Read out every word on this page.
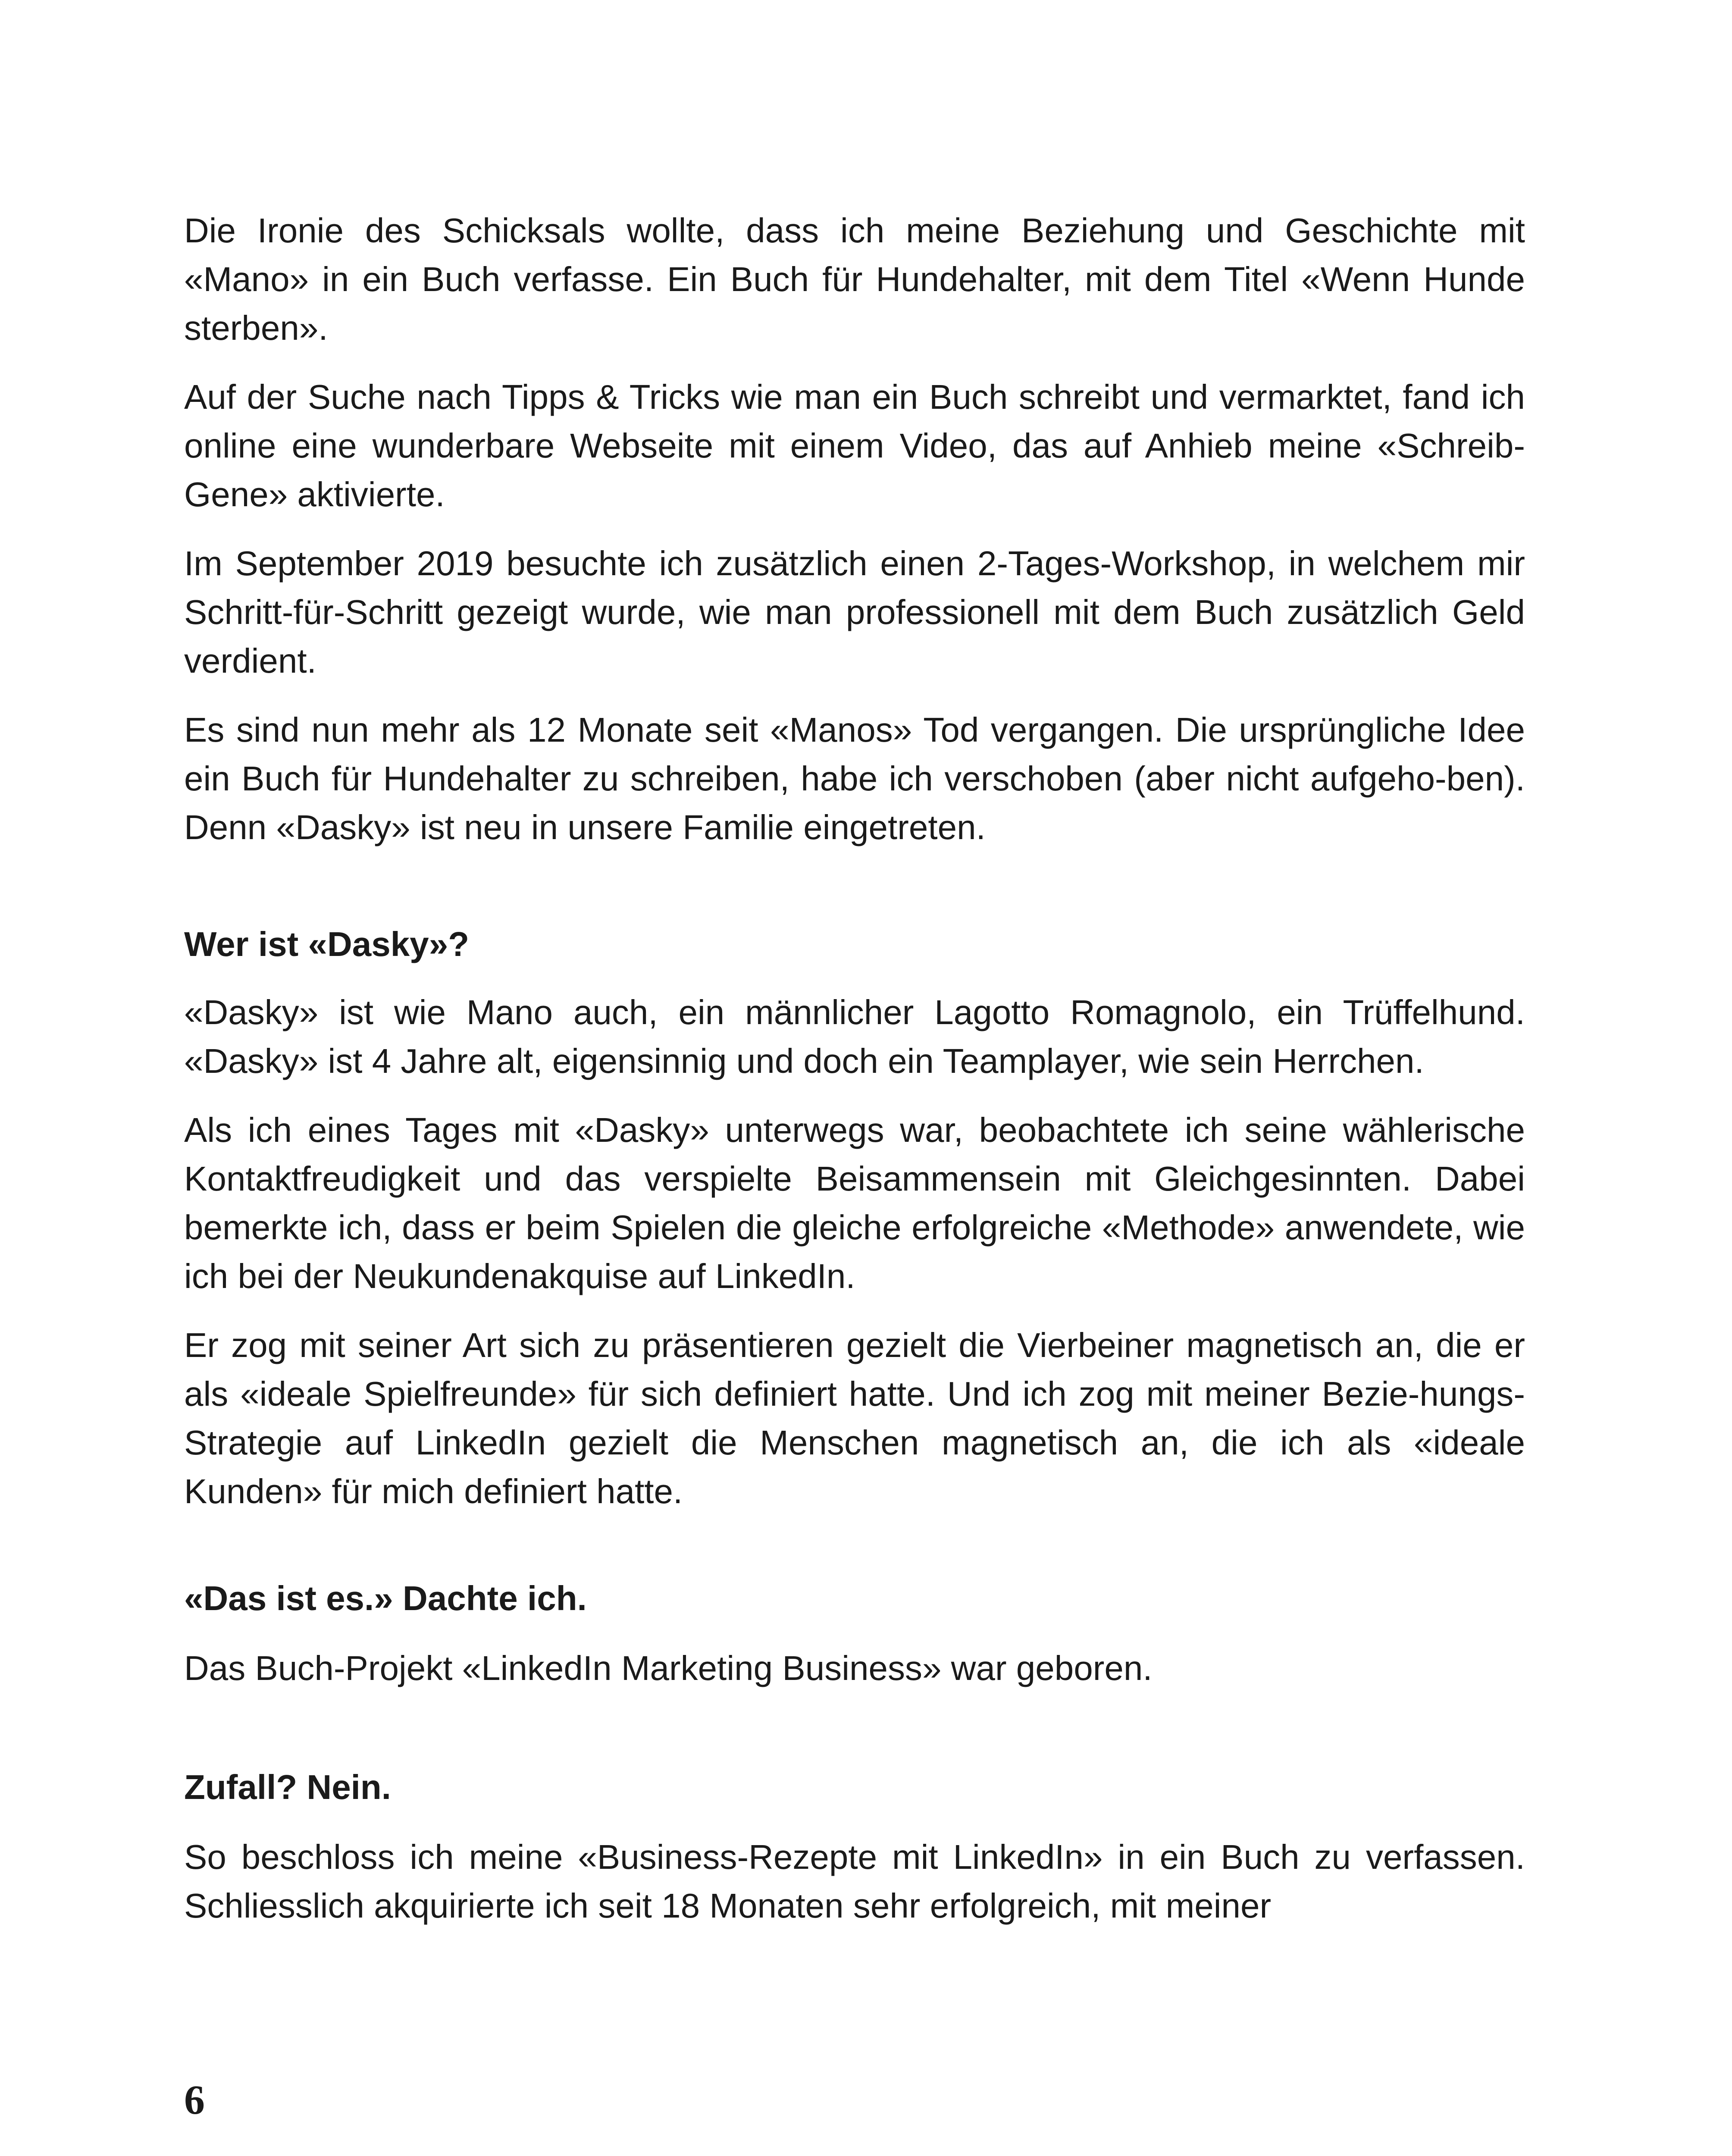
Die Ironie des Schicksals wollte, dass ich meine Beziehung und Geschichte mit «Mano» in ein Buch verfasse. Ein Buch für Hundehalter, mit dem Titel «Wenn Hunde sterben».

Auf der Suche nach Tipps & Tricks wie man ein Buch schreibt und vermarktet, fand ich online eine wunderbare Webseite mit einem Video, das auf Anhieb meine «Schreib-Gene» aktivierte.

Im September 2019 besuchte ich zusätzlich einen 2-Tages-Workshop, in welchem mir Schritt-für-Schritt gezeigt wurde, wie man professionell mit dem Buch zusätzlich Geld verdient.

Es sind nun mehr als 12 Monate seit «Manos» Tod vergangen. Die ursprüngliche Idee ein Buch für Hundehalter zu schreiben, habe ich verschoben (aber nicht aufgeho-ben). Denn «Dasky» ist neu in unsere Familie eingetreten.

Wer ist «Dasky»?

«Dasky» ist wie Mano auch, ein männlicher Lagotto Romagnolo, ein Trüffelhund. «Dasky» ist 4 Jahre alt, eigensinnig und doch ein Teamplayer, wie sein Herrchen.

Als ich eines Tages mit «Dasky» unterwegs war, beobachtete ich seine wählerische Kontaktfreudigkeit und das verspielte Beisammensein mit Gleichgesinnten. Dabei bemerkte ich, dass er beim Spielen die gleiche erfolgreiche «Methode» anwendete, wie ich bei der Neukundenakquise auf LinkedIn.

Er zog mit seiner Art sich zu präsentieren gezielt die Vierbeiner magnetisch an, die er als «ideale Spielfreunde» für sich definiert hatte. Und ich zog mit meiner Bezie-hungs-Strategie auf LinkedIn gezielt die Menschen magnetisch an, die ich als «ideale Kunden» für mich definiert hatte.

«Das ist es.» Dachte ich.

Das Buch-Projekt «LinkedIn Marketing Business» war geboren.

Zufall? Nein.

So beschloss ich meine «Business-Rezepte mit LinkedIn» in ein Buch zu verfassen. Schliesslich akquirierte ich seit 18 Monaten sehr erfolgreich, mit meiner

6
